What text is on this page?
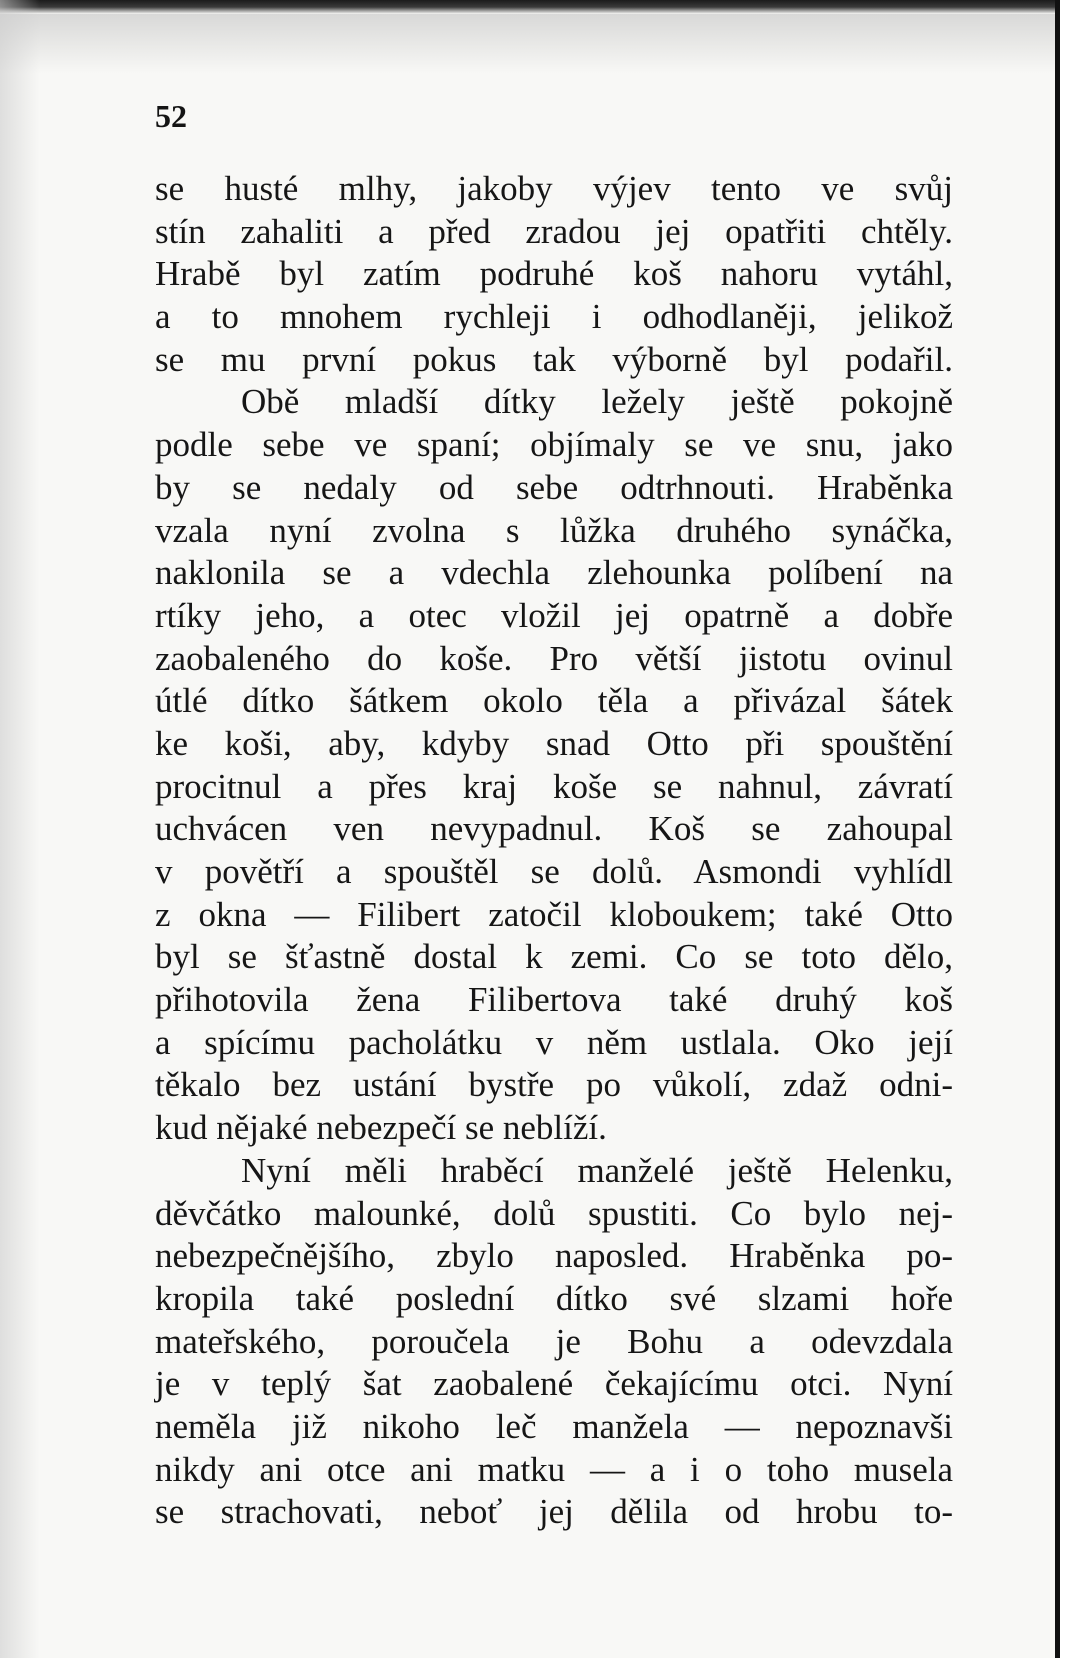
52

se husté mlhy, jakoby výjev tento ve svůj
stín zahaliti a před zradou jej opatřiti chtěly.
Hrabě byl zatím podruhé koš nahoru vytáhl,
a to mnohem rychleji i odhodlaněji, jelikož
se mu první pokus tak výborně byl podařil.
Obě mladší dítky ležely ještě pokojně
podle sebe ve spaní; objímaly se ve snu, jako
by se nedaly od sebe odtrhnouti. Hraběnka
vzala nyní zvolna s lůžka druhého synáčka,
naklonila se a vdechla zlehounka políbení na
rtíky jeho, a otec vložil jej opatrně a dobře
zaobaleného do koše. Pro větší jistotu ovinul
útlé dítko šátkem okolo těla a přivázal šátek
ke koši, aby, kdyby snad Otto při spouštění
procitnul a přes kraj koše se nahnul, závratí
uchvácen ven nevypadnul. Koš se zahoupal
v povětří a spouštěl se dolů. Asmondi vyhlídl
z okna — Filibert zatočil kloboukem; také Otto
byl se šťastně dostal k zemi. Co se toto dělo,
přihotovila žena Filibertova také druhý koš
a spícímu pacholátku v něm ustlala. Oko její
těkalo bez ustání bystře po vůkolí, zdaž odni-
kud nějaké nebezpečí se neblíží.
Nyní měli hraběcí manželé ještě Helenku,
děvčátko malounké, dolů spustiti. Co bylo nej-
nebezpečnějšího, zbylo naposled. Hraběnka po-
kropila také poslední dítko své slzami hoře
mateřského, poroučela je Bohu a odevzdala
je v teplý šat zaobalené čekajícímu otci. Nyní
neměla již nikoho leč manžela — nepoznavši
nikdy ani otce ani matku — a i o toho musela
se strachovati, neboť jej dělila od hrobu to-
